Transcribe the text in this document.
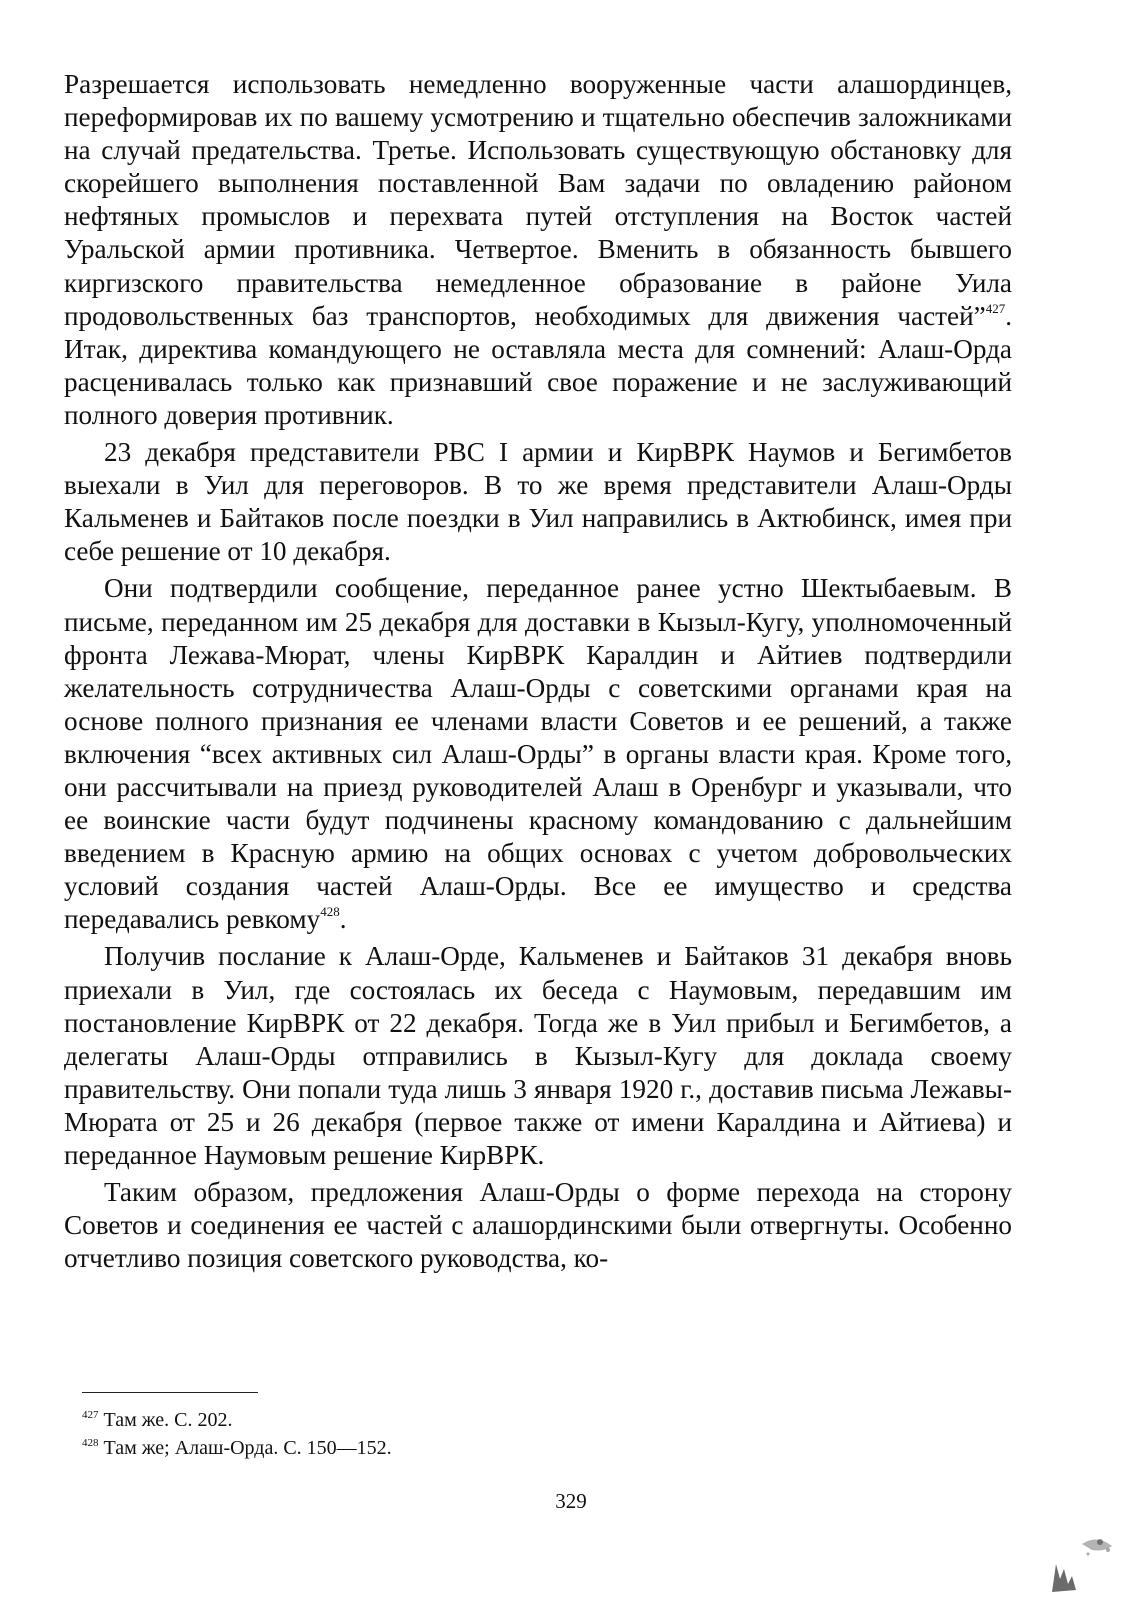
Разрешается использовать немедленно вооруженные части алашординцев, переформировав их по вашему усмотрению и тщательно обеспечив заложниками на случай предательства. Третье. Использовать существующую обстановку для скорейшего выполнения поставленной Вам задачи по овладению районом нефтяных промыслов и перехвата путей отступления на Восток частей Уральской армии противника. Четвертое. Вменить в обязанность бывшего киргизского правительства немедленное образование в районе Уила продовольственных баз транспортов, необходимых для движения частей”$^{427}$. Итак, директива командующего не оставляла места для сомнений: Алаш-Орда расценивалась только как признавший свое поражение и не заслуживающий полного доверия противник.

23 декабря представители РВС I армии и КирВРК Наумов и Бегимбетов выехали в Уил для переговоров. В то же время представители Алаш-Орды Кальменев и Байтаков после поездки в Уил направились в Актюбинск, имея при себе решение от 10 декабря.

Они подтвердили сообщение, переданное ранее устно Шектыбаевым. В письме, переданном им 25 декабря для доставки в Кызыл-Кугу, уполномоченный фронта Лежава-Мюрат, члены КирВРК Каралдин и Айтиев подтвердили желательность сотрудничества Алаш-Орды с советскими органами края на основе полного признания ее членами власти Советов и ее решений, а также включения “всех активных сил Алаш-Орды” в органы власти края. Кроме того, они рассчитывали на приезд руководителей Алаш в Оренбург и указывали, что ее воинские части будут подчинены красному командованию с дальнейшим введением в Красную армию на общих основах с учетом добровольческих условий создания частей Алаш-Орды. Все ее имущество и средства передавались ревкому$^{428}$.

Получив послание к Алаш-Орде, Кальменев и Байтаков 31 декабря вновь приехали в Уил, где состоялась их беседа с Наумовым, передавшим им постановление КирВРК от 22 декабря. Тогда же в Уил прибыл и Бегимбетов, а делегаты Алаш-Орды отправились в Кызыл-Кугу для доклада своему правительству. Они попали туда лишь 3 января 1920 г., доставив письма Лежавы-Мюрата от 25 и 26 декабря (первое также от имени Каралдина и Айтиева) и переданное Наумовым решение КирВРК.

Таким образом, предложения Алаш-Орды о форме перехода на сторону Советов и соединения ее частей с алашординскими были отвергнуты. Особенно отчетливо позиция советского руководства, ко-

$^{427}$ Там же. С. 202.

$^{428}$ Там же; Алаш-Орда. С. 150—152.

329
